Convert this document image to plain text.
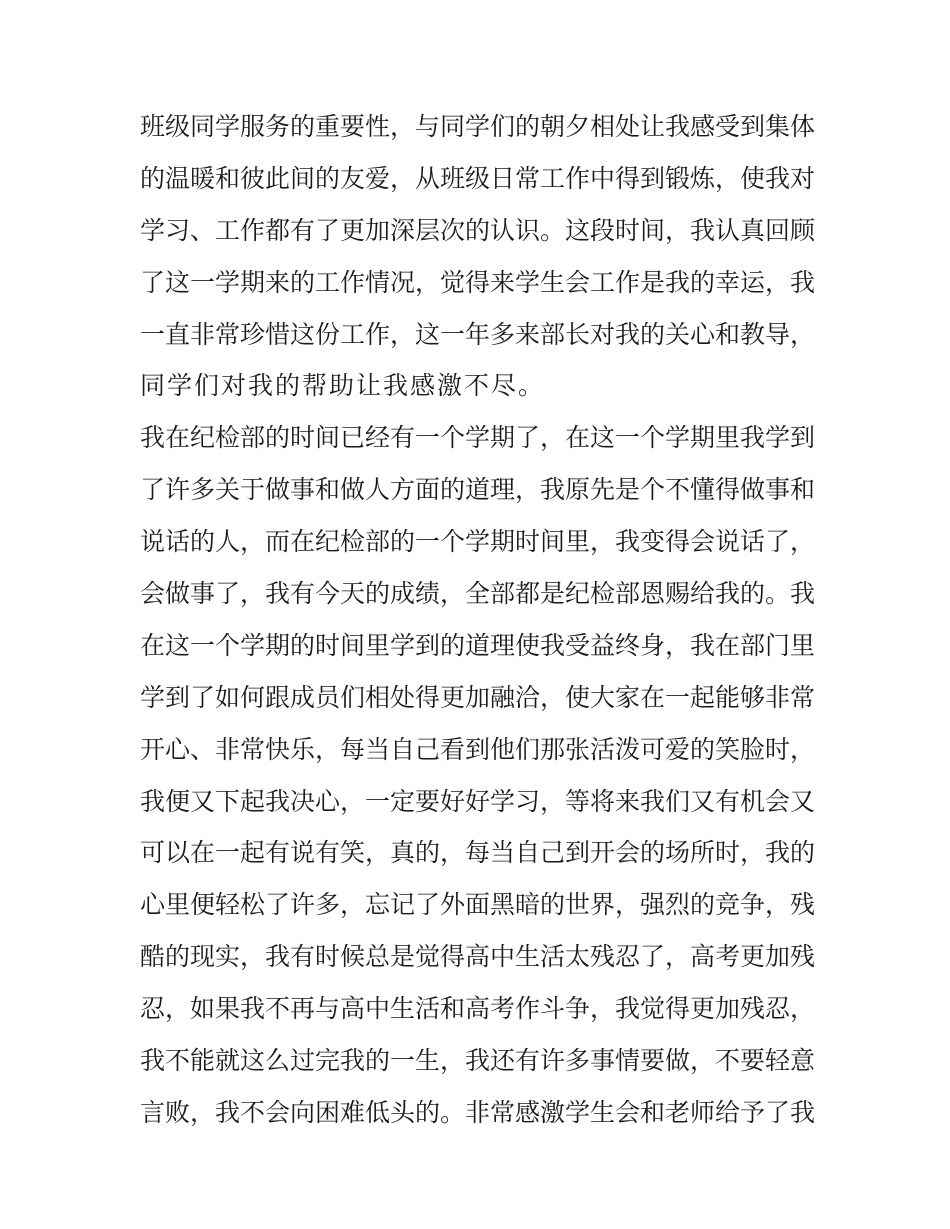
班级同学服务的重要性，与同学们的朝夕相处让我感受到集体
的温暖和彼此间的友爱，从班级日常工作中得到锻炼，使我对
学习、工作都有了更加深层次的认识。这段时间，我认真回顾
了这一学期来的工作情况，觉得来学生会工作是我的幸运，我
一直非常珍惜这份工作，这一年多来部长对我的关心和教导，
同学们对我的帮助让我感激不尽。
我在纪检部的时间已经有一个学期了，在这一个学期里我学到
了许多关于做事和做人方面的道理，我原先是个不懂得做事和
说话的人，而在纪检部的一个学期时间里，我变得会说话了，
会做事了，我有今天的成绩，全部都是纪检部恩赐给我的。我
在这一个学期的时间里学到的道理使我受益终身，我在部门里
学到了如何跟成员们相处得更加融洽，使大家在一起能够非常
开心、非常快乐，每当自己看到他们那张活泼可爱的笑脸时，
我便又下起我决心，一定要好好学习，等将来我们又有机会又
可以在一起有说有笑，真的，每当自己到开会的场所时，我的
心里便轻松了许多，忘记了外面黑暗的世界，强烈的竞争，残
酷的现实，我有时候总是觉得高中生活太残忍了，高考更加残
忍，如果我不再与高中生活和高考作斗争，我觉得更加残忍，
我不能就这么过完我的一生，我还有许多事情要做，不要轻意
言败，我不会向困难低头的。非常感激学生会和老师给予了我
